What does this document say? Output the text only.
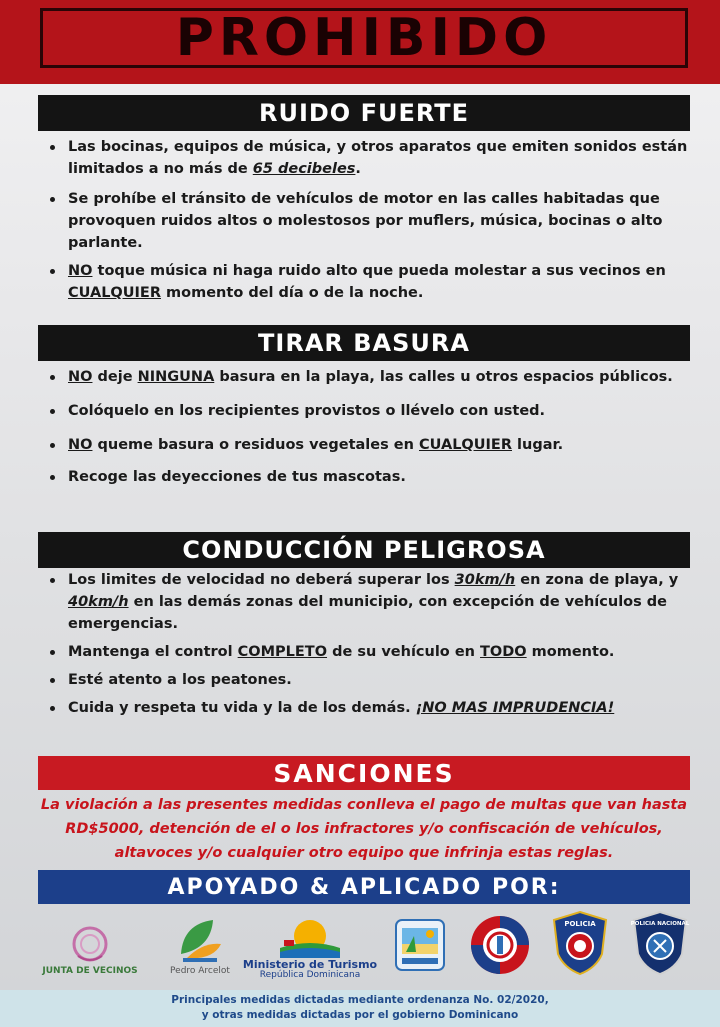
PROHIBIDO
RUIDO FUERTE
Las bocinas, equipos de música, y otros aparatos que emiten sonidos están limitados a no más de 65 decibeles.
Se prohíbe el tránsito de vehículos de motor en las calles habitadas que provoquen ruidos altos o molestosos por muflers, música, bocinas o alto parlante.
NO toque música ni haga ruido alto que pueda molestar a sus vecinos en CUALQUIER momento del día o de la noche.
TIRAR BASURA
NO deje NINGUNA basura en la playa, las calles u otros espacios públicos.
Colóquelo en los recipientes provistos o llévelo con usted.
NO queme basura o residuos vegetales en CUALQUIER lugar.
Recoge las deyecciones de tus mascotas.
CONDUCCIÓN PELIGROSA
Los limites de velocidad no deberá superar los 30km/h en zona de playa, y 40km/h en las demás zonas del municipio, con excepción de vehículos de emergencias.
Mantenga el control COMPLETO de su vehículo en TODO momento.
Esté atento a los peatones.
Cuida y respeta tu vida y la de los demás. ¡NO MAS IMPRUDENCIA!
SANCIONES
La violación a las presentes medidas conlleva el pago de multas que van hasta RD$5000, detención de el o los infractores y/o confiscación de vehículos, altavoces y/o cualquier otro equipo que infrinja estas reglas.
APOYADO & APLICADO POR:
JUNTA DE VECINOS	Pedro Arcelot Ministerio de Turismo
República Dominicana
POLICIA	POLICIA NACIONAL
Principales medidas dictadas mediante ordenanza No. 02/2020,
y otras medidas dictadas por el gobierno Dominicano
